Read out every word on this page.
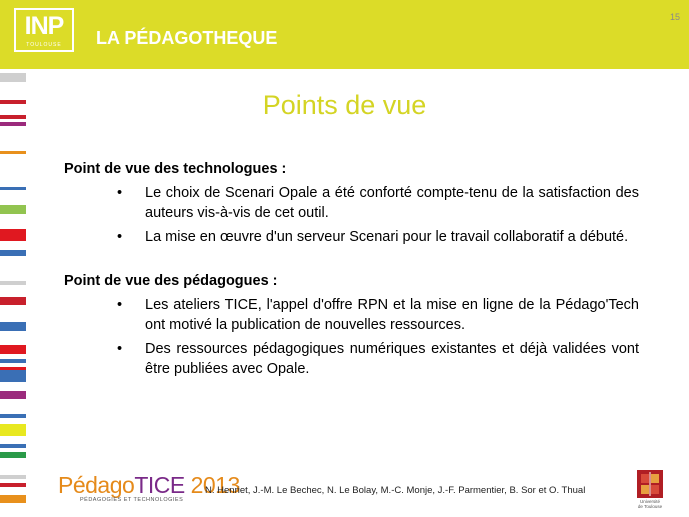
INP
TOULOUSE	LA PÉDAGOTHEQUE
15
Points de vue

Point de vue des technologues :

• Le choix de Scenari Opale a été conforté compte-tenu de la satisfaction des auteurs vis-à-vis de cet outil.
• La mise en œuvre d'un serveur Scenari pour le travail collaboratif a débuté.

Point de vue des pédagogues :

• Les ateliers TICE, l'appel d'offre RPN et la mise en ligne de la Pédago'Tech ont motivé la publication de nouvelles ressources.
• Des ressources pédagogiques numériques existantes et déjà validées vont être publiées avec Opale.
PédagoTICE 2013
PÉDAGOGIES ET TECHNOLOGIES
N. Henriet, J.-M. Le Bechec, N. Le Bolay, M.-C. Monje, J.-F. Parmentier, B. Sor et O. Thual
Université
de Toulouse
